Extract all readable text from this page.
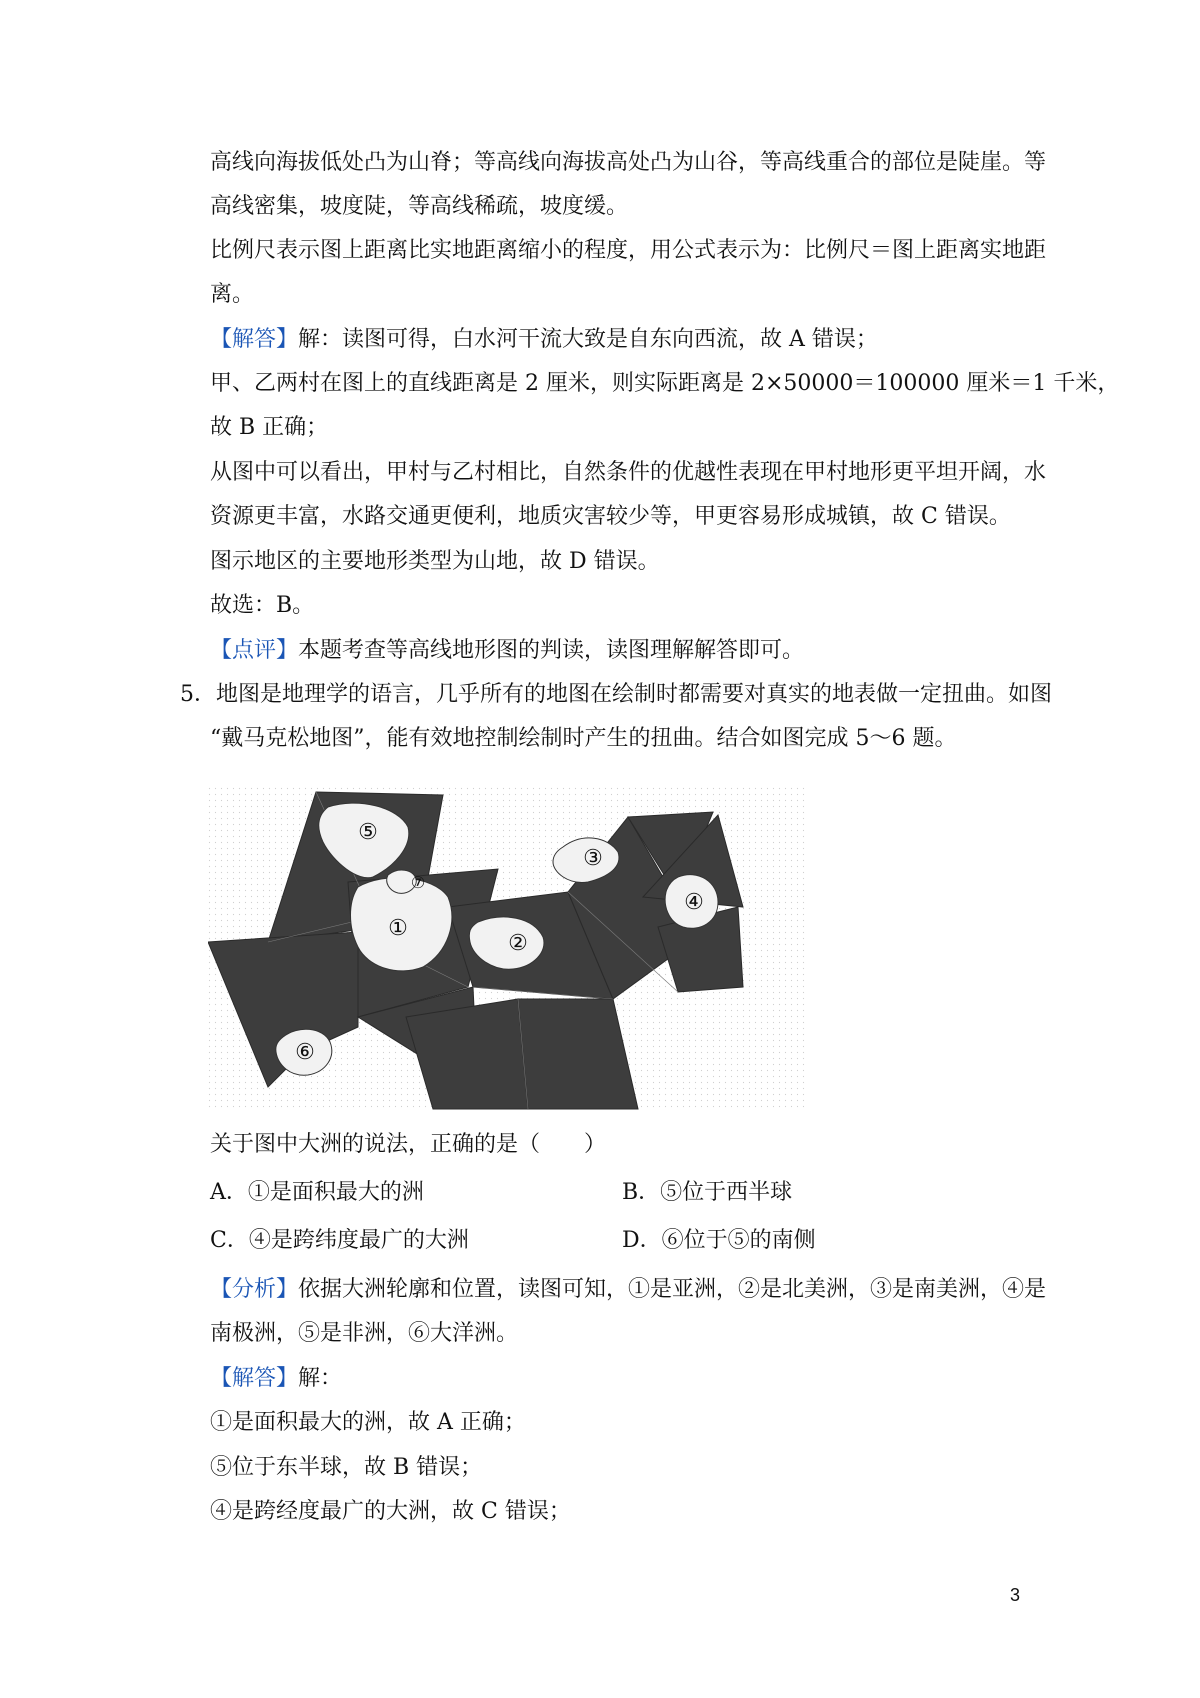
高线向海拔低处凸为山脊；等高线向海拔高处凸为山谷，等高线重合的部位是陡崖。等
高线密集，坡度陡，等高线稀疏，坡度缓。
比例尺表示图上距离比实地距离缩小的程度，用公式表示为：比例尺＝图上距离实地距
离。
【解答】解：读图可得，白水河干流大致是自东向西流，故 A 错误；
甲、乙两村在图上的直线距离是 2 厘米，则实际距离是 2×50000＝100000 厘米＝1 千米，
故 B 正确；
从图中可以看出，甲村与乙村相比，自然条件的优越性表现在甲村地形更平坦开阔，水
资源更丰富，水路交通更便利，地质灾害较少等，甲更容易形成城镇，故 C 错误。
图示地区的主要地形类型为山地，故 D 错误。
故选：B。
【点评】本题考查等高线地形图的判读，读图理解解答即可。
5．地图是地理学的语言，几乎所有的地图在绘制时都需要对真实的地表做一定扭曲。如图
“戴马克松地图”，能有效地控制绘制时产生的扭曲。结合如图完成 5～6 题。
①
②
③
④
⑤
⑥
⑦
关于图中大洲的说法，正确的是（　　）
A．①是面积最大的洲	B．⑤位于西半球
C．④是跨纬度最广的大洲	D．⑥位于⑤的南侧
【分析】依据大洲轮廓和位置，读图可知，①是亚洲，②是北美洲，③是南美洲，④是
南极洲，⑤是非洲，⑥大洋洲。
【解答】解：
①是面积最大的洲，故 A 正确；
⑤位于东半球，故 B 错误；
④是跨经度最广的大洲，故 C 错误；
3
